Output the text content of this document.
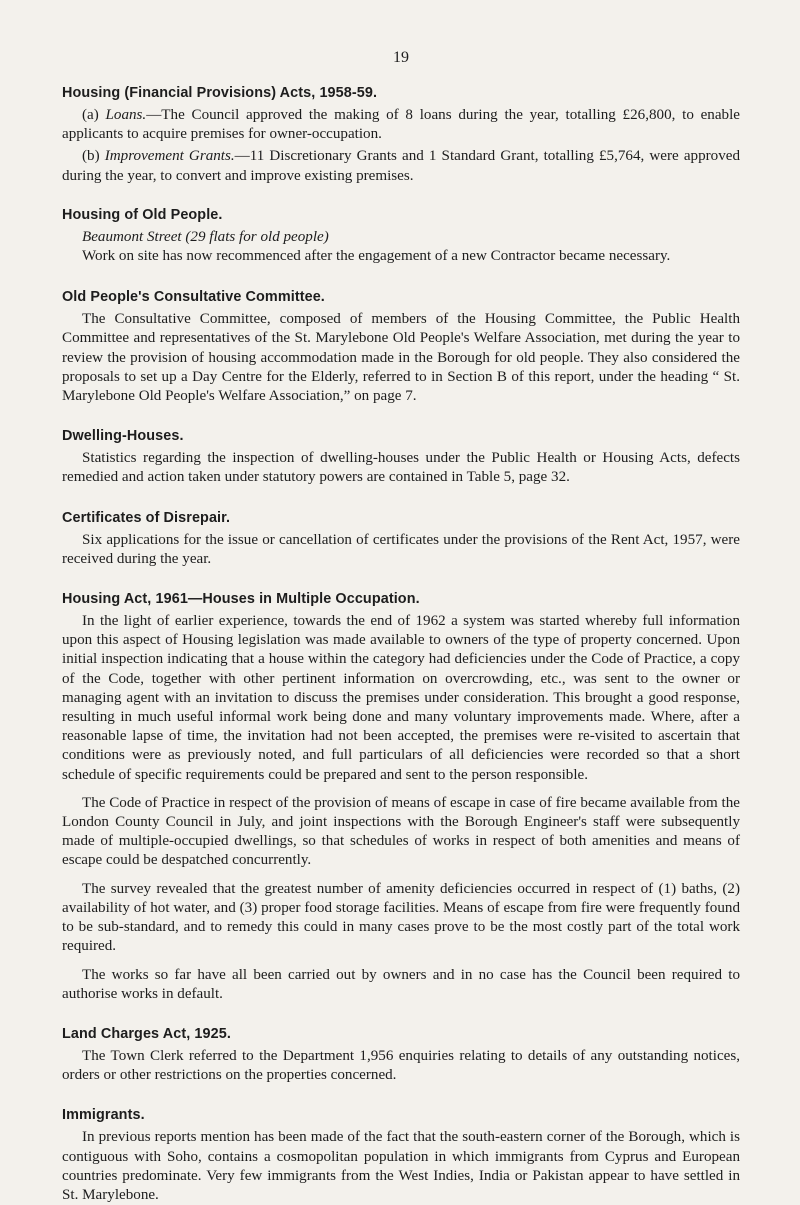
19
Housing (Financial Provisions) Acts, 1958-59.

(a) Loans.—The Council approved the making of 8 loans during the year, totalling £26,800, to enable applicants to acquire premises for owner-occupation.

(b) Improvement Grants.—11 Discretionary Grants and 1 Standard Grant, totalling £5,764, were approved during the year, to convert and improve existing premises.

Housing of Old People.
Beaumont Street (29 flats for old people)

Work on site has now recommenced after the engagement of a new Contractor became necessary.

Old People's Consultative Committee.

The Consultative Committee, composed of members of the Housing Committee, the Public Health Committee and representatives of the St. Marylebone Old People's Welfare Association, met during the year to review the provision of housing accommodation made in the Borough for old people. They also considered the proposals to set up a Day Centre for the Elderly, referred to in Section B of this report, under the heading “ St. Marylebone Old People's Welfare Association,” on page 7.

Dwelling-Houses.

Statistics regarding the inspection of dwelling-houses under the Public Health or Housing Acts, defects remedied and action taken under statutory powers are contained in Table 5, page 32.

Certificates of Disrepair.

Six applications for the issue or cancellation of certificates under the provisions of the Rent Act, 1957, were received during the year.

Housing Act, 1961—Houses in Multiple Occupation.

In the light of earlier experience, towards the end of 1962 a system was started whereby full information upon this aspect of Housing legislation was made available to owners of the type of property concerned. Upon initial inspection indicating that a house within the category had deficiencies under the Code of Practice, a copy of the Code, together with other pertinent information on overcrowding, etc., was sent to the owner or managing agent with an invitation to discuss the premises under consideration. This brought a good response, resulting in much useful informal work being done and many voluntary improvements made. Where, after a reasonable lapse of time, the invitation had not been accepted, the premises were re-visited to ascertain that conditions were as previously noted, and full particulars of all deficiencies were recorded so that a short schedule of specific requirements could be prepared and sent to the person responsible.

The Code of Practice in respect of the provision of means of escape in case of fire became available from the London County Council in July, and joint inspections with the Borough Engineer's staff were subsequently made of multiple-occupied dwellings, so that schedules of works in respect of both amenities and means of escape could be despatched concurrently.

The survey revealed that the greatest number of amenity deficiencies occurred in respect of (1) baths, (2) availability of hot water, and (3) proper food storage facilities. Means of escape from fire were frequently found to be sub-standard, and to remedy this could in many cases prove to be the most costly part of the total work required.

The works so far have all been carried out by owners and in no case has the Council been required to authorise works in default.

Land Charges Act, 1925.

The Town Clerk referred to the Department 1,956 enquiries relating to details of any outstanding notices, orders or other restrictions on the properties concerned.

Immigrants.

In previous reports mention has been made of the fact that the south-eastern corner of the Borough, which is contiguous with Soho, contains a cosmopolitan population in which immigrants from Cyprus and European countries predominate. Very few immigrants from the West Indies, India or Pakistan appear to have settled in St. Marylebone.
